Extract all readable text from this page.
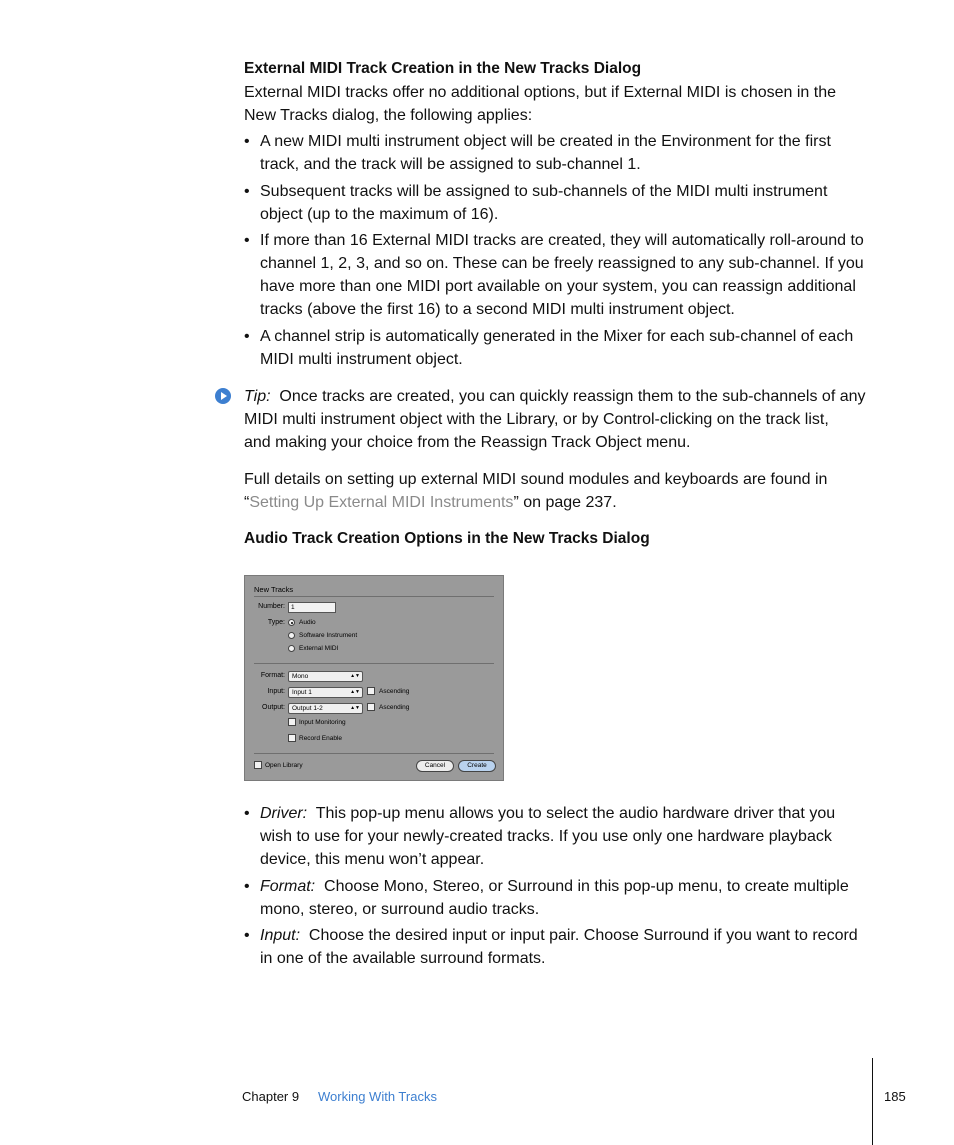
External MIDI Track Creation in the New Tracks Dialog
External MIDI tracks offer no additional options, but if External MIDI is chosen in the
New Tracks dialog, the following applies:
• A new MIDI multi instrument object will be created in the Environment for the first
track, and the track will be assigned to sub-channel 1.
• Subsequent tracks will be assigned to sub-channels of the MIDI multi instrument
object (up to the maximum of 16).
• If more than 16 External MIDI tracks are created, they will automatically roll-around to
channel 1, 2, 3, and so on. These can be freely reassigned to any sub-channel. If you
have more than one MIDI port available on your system, you can reassign additional
tracks (above the first 16) to a second MIDI multi instrument object.
• A channel strip is automatically generated in the Mixer for each sub-channel of each
MIDI multi instrument object.
Tip: Once tracks are created, you can quickly reassign them to the sub-channels of any
MIDI multi instrument object with the Library, or by Control-clicking on the track list,
and making your choice from the Reassign Track Object menu.
Full details on setting up external MIDI sound modules and keyboards are found in
“Setting Up External MIDI Instruments” on page 237.
Audio Track Creation Options in the New Tracks Dialog
New Tracks
Number: 1
Type: Audio
Software Instrument
External MIDI
Format:	Mono	▲▼
Input:	Input 1	▲▼	Ascending
Output:	Output 1-2	▲▼	Ascending
Input Monitoring
Record Enable
Open Library	Cancel	Create
• Driver: This pop-up menu allows you to select the audio hardware driver that you
wish to use for your newly-created tracks. If you use only one hardware playback
device, this menu won’t appear.
• Format: Choose Mono, Stereo, or Surround in this pop-up menu, to create multiple
mono, stereo, or surround audio tracks.
• Input: Choose the desired input or input pair. Choose Surround if you want to record
in one of the available surround formats.
Chapter 9 Working With Tracks	185
